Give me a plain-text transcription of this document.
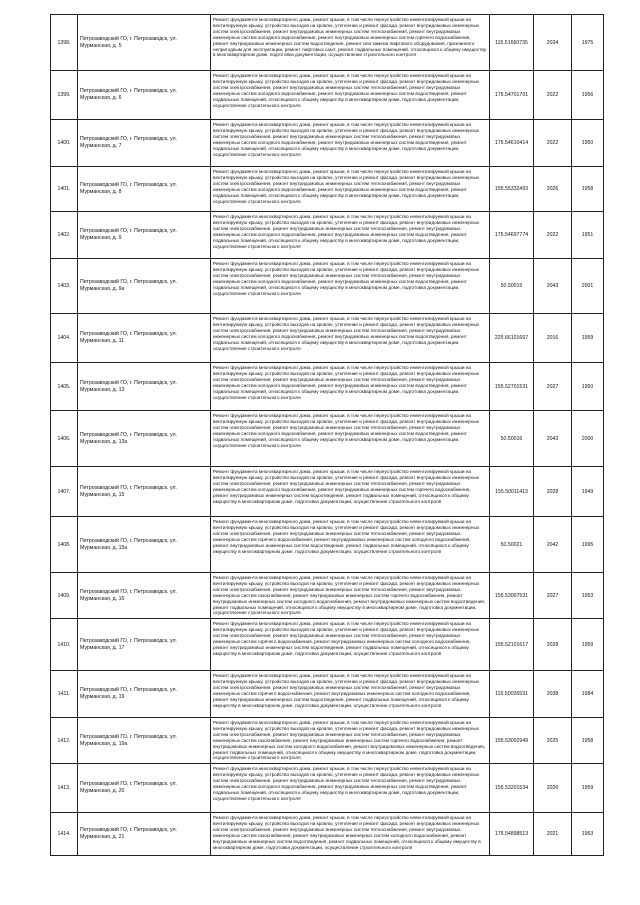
1398.	Петрозаводский ГО, г. Петрозаводск, ул. Мурманская, д. 5	Ремонт фундамента многоквартирного дома, ремонт крыши, в том числе переустройство невентилируемой крыши на вентилируемую крышу, устройство выходов на кровлю, утепление и ремонт фасада, ремонт внутридомовых инженерных систем электроснабжения, ремонт внутридомовых инженерных систем теплоснабжения, ремонт внутридомовых инженерных систем холодного водоснабжения, ремонт внутридомовых инженерных систем горячего водоснабжения, ремонт внутридомовых инженерных систем водоотведения, ремонт или замена лифтового оборудования, признанного непригодным для эксплуатации, ремонт лифтовых шахт, ремонт подвальных помещений, относящихся к общему имуществу в многоквартирном доме, подготовка документации, осуществление строительного контроля	115.51660735	2034	1975
1399.	Петрозаводский ГО, г. Петрозаводск, ул. Мурманская, д. 6	Ремонт фундамента многоквартирного дома, ремонт крыши, в том числе переустройство невентилируемой крыши на вентилируемую крышу, устройство выходов на кровлю, утепление и ремонт фасада, ремонт внутридомовых инженерных систем электроснабжения, ремонт внутридомовых инженерных систем теплоснабжения, ремонт внутридомовых инженерных систем холодного водоснабжения, ремонт внутридомовых инженерных систем водоотведения, ремонт подвальных помещений, относящихся к общему имуществу в многоквартирном доме, подготовка документации, осуществление строительного контроля	175.54701701	2022	1956
1400.	Петрозаводский ГО, г. Петрозаводск, ул. Мурманская, д. 7	Ремонт фундамента многоквартирного дома, ремонт крыши, в том числе переустройство невентилируемой крыши на вентилируемую крышу, устройство выходов на кровлю, утепление и ремонт фасада, ремонт внутридомовых инженерных систем электроснабжения, ремонт внутридомовых инженерных систем теплоснабжения, ремонт внутридомовых инженерных систем холодного водоснабжения, ремонт внутридомовых инженерных систем водоотведения, ремонт подвальных помещений, относящихся к общему имуществу в многоквартирном доме, подготовка документации, осуществление строительного контроля	175.54610414	2022	1950
1401.	Петрозаводский ГО, г. Петрозаводск, ул. Мурманская, д. 8	Ремонт фундамента многоквартирного дома, ремонт крыши, в том числе переустройство невентилируемой крыши на вентилируемую крышу, устройство выходов на кровлю, утепление и ремонт фасада, ремонт внутридомовых инженерных систем электроснабжения, ремонт внутридомовых инженерных систем теплоснабжения, ремонт внутридомовых инженерных систем холодного водоснабжения, ремонт внутридомовых инженерных систем водоотведения, ремонт подвальных помещений, относящихся к общему имуществу в многоквартирном доме, подготовка документации, осуществление строительного контроля	155.55332493	2026	1958
1402.	Петрозаводский ГО, г. Петрозаводск, ул. Мурманская, д. 9	Ремонт фундамента многоквартирного дома, ремонт крыши, в том числе переустройство невентилируемой крыши на вентилируемую крышу, устройство выходов на кровлю, утепление и ремонт фасада, ремонт внутридомовых инженерных систем электроснабжения, ремонт внутридомовых инженерных систем теплоснабжения, ремонт внутридомовых инженерных систем холодного водоснабжения, ремонт внутридомовых инженерных систем водоотведения, ремонт подвальных помещений, относящихся к общему имуществу в многоквартирном доме, подготовка документации, осуществление строительного контроля	175.54697774	2022	1951
1403.	Петрозаводский ГО, г. Петрозаводск, ул. Мурманская, д. 9а	Ремонт фундамента многоквартирного дома, ремонт крыши, в том числе переустройство невентилируемой крыши на вентилируемую крышу, устройство выходов на кровлю, утепление и ремонт фасада, ремонт внутридомовых инженерных систем электроснабжения, ремонт внутридомовых инженерных систем теплоснабжения, ремонт внутридомовых инженерных систем холодного водоснабжения, ремонт внутридомовых инженерных систем водоотведения, ремонт подвальных помещений, относящихся к общему имуществу в многоквартирном доме, подготовка документации, осуществление строительного контроля	50.50015	2043	2001
1404.	Петрозаводский ГО, г. Петрозаводск, ул. Мурманская, д. 11	Ремонт фундамента многоквартирного дома, ремонт крыши, в том числе переустройство невентилируемой крыши на вентилируемую крышу, устройство выходов на кровлю, утепление и ремонт фасада, ремонт внутридомовых инженерных систем электроснабжения, ремонт внутридомовых инженерных систем теплоснабжения, ремонт внутридомовых инженерных систем холодного водоснабжения, ремонт внутридомовых инженерных систем водоотведения, ремонт подвальных помещений, относящихся к общему имуществу в многоквартирном доме, подготовка документации, осуществление строительного контроля	225.66101667	2016	1959
1405.	Петрозаводский ГО, г. Петрозаводск, ул. Мурманская, д. 13	Ремонт фундамента многоквартирного дома, ремонт крыши, в том числе переустройство невентилируемой крыши на вентилируемую крышу, устройство выходов на кровлю, утепление и ремонт фасада, ремонт внутридомовых инженерных систем электроснабжения, ремонт внутридомовых инженерных систем теплоснабжения, ремонт внутридомовых инженерных систем холодного водоснабжения, ремонт внутридомовых инженерных систем водоотведения, ремонт подвальных помещений, относящихся к общему имуществу в многоквартирном доме, подготовка документации, осуществление строительного контроля	155.52701531	2027	1950
1406.	Петрозаводский ГО, г. Петрозаводск, ул. Мурманская, д. 13а	Ремонт фундамента многоквартирного дома, ремонт крыши, в том числе переустройство невентилируемой крыши на вентилируемую крышу, устройство выходов на кровлю, утепление и ремонт фасада, ремонт внутридомовых инженерных систем электроснабжения, ремонт внутридомовых инженерных систем теплоснабжения, ремонт внутридомовых инженерных систем холодного водоснабжения, ремонт внутридомовых инженерных систем водоотведения, ремонт подвальных помещений, относящихся к общему имуществу в многоквартирном доме, подготовка документации, осуществление строительного контроля	50.50016	2043	2000
1407.	Петрозаводский ГО, г. Петрозаводск, ул. Мурманская, д. 15	Ремонт фундамента многоквартирного дома, ремонт крыши, в том числе переустройство невентилируемой крыши на вентилируемую крышу, устройство выходов на кровлю, утепление и ремонт фасада, ремонт внутридомовых инженерных систем электроснабжения, ремонт внутридомовых инженерных систем теплоснабжения, ремонт внутридомовых инженерных систем холодного водоснабжения, ремонт внутридомовых инженерных систем горячего водоснабжения, ремонт внутридомовых инженерных систем водоотведения, ремонт подвальных помещений, относящихся к общему имуществу в многоквартирном доме, подготовка документации, осуществление строительного контроля	155.50011413	2028	1949
1408.	Петрозаводский ГО, г. Петрозаводск, ул. Мурманская, д. 15а	Ремонт фундамента многоквартирного дома, ремонт крыши, в том числе переустройство невентилируемой крыши на вентилируемую крышу, устройство выходов на кровлю, утепление и ремонт фасада, ремонт внутридомовых инженерных систем электроснабжения, ремонт внутридомовых инженерных систем теплоснабжения, ремонт внутридомовых инженерных систем горячего водоснабжения, ремонт внутридомовых инженерных систем холодного водоснабжения, ремонт внутридомовых инженерных систем водоотведения, ремонт подвальных помещений, относящихся к общему имуществу в многоквартирном доме, подготовка документации, осуществление строительного контроля	50.50021	2042	1995
1409.	Петрозаводский ГО, г. Петрозаводск, ул. Мурманская, д. 16	Ремонт фундамента многоквартирного дома, ремонт крыши, в том числе переустройство невентилируемой крыши на вентилируемую крышу, устройство выходов на кровлю, утепление и ремонт фасада, ремонт внутридомовых инженерных систем электроснабжения, ремонт внутридомовых инженерных систем теплоснабжения, ремонт внутридомовых инженерных систем газоснабжения, ремонт внутридомовых инженерных систем горячего водоснабжения, ремонт внутридомовых инженерных систем холодного водоснабжения, ремонт внутридомовых инженерных систем водоотведения, ремонт подвальных помещений, относящихся к общему имуществу в многоквартирном доме, подготовка документации, осуществление строительного контроля	155.53007531	2027	1953
1410.	Петрозаводский ГО, г. Петрозаводск, ул. Мурманская, д. 17	Ремонт фундамента многоквартирного дома, ремонт крыши, в том числе переустройство невентилируемой крыши на вентилируемую крышу, устройство выходов на кровлю, утепление и ремонт фасада, ремонт внутридомовых инженерных систем электроснабжения, ремонт внутридомовых инженерных систем теплоснабжения, ремонт внутридомовых инженерных систем горячего водоснабжения, ремонт внутридомовых инженерных систем холодного водоснабжения, ремонт внутридомовых инженерных систем водоотведения, ремонт подвальных помещений, относящихся к общему имуществу в многоквартирном доме, подготовка документации, осуществление строительного контроля	155.52101617	2028	1959
1411.	Петрозаводский ГО, г. Петрозаводск, ул. Мурманская, д. 19	Ремонт фундамента многоквартирного дома, ремонт крыши, в том числе переустройство невентилируемой крыши на вентилируемую крышу, устройство выходов на кровлю, утепление и ремонт фасада, ремонт внутридомовых инженерных систем электроснабжения, ремонт внутридомовых инженерных систем теплоснабжения, ремонт внутридомовых инженерных систем горячего водоснабжения, ремонт внутридомовых инженерных систем холодного водоснабжения, ремонт внутридомовых инженерных систем водоотведения, ремонт подвальных помещений, относящихся к общему имуществу в многоквартирном доме, подготовка документации, осуществление строительного контроля	115.50026531	2038	1984
1412.	Петрозаводский ГО, г. Петрозаводск, ул. Мурманская, д. 19а	Ремонт фундамента многоквартирного дома, ремонт крыши, в том числе переустройство невентилируемой крыши на вентилируемую крышу, устройство выходов на кровлю, утепление и ремонт фасада, ремонт внутридомовых инженерных систем электроснабжения, ремонт внутридомовых инженерных систем теплоснабжения, ремонт внутридомовых инженерных систем газоснабжения, ремонт внутридомовых инженерных систем горячего водоснабжения, ремонт внутридомовых инженерных систем холодного водоснабжения, ремонт внутридомовых инженерных систем водоотведения, ремонт подвальных помещений, относящихся к общему имуществу в многоквартирном доме, подготовка документации, осуществление строительного контроля	155.53002949	2025	1958
1413.	Петрозаводский ГО, г. Петрозаводск, ул. Мурманская, д. 20	Ремонт фундамента многоквартирного дома, ремонт крыши, в том числе переустройство невентилируемой крыши на вентилируемую крышу, устройство выходов на кровлю, утепление и ремонт фасада, ремонт внутридомовых инженерных систем электроснабжения, ремонт внутридомовых инженерных систем теплоснабжения, ремонт внутридомовых инженерных систем холодного водоснабжения, ремонт внутридомовых инженерных систем водоотведения, ремонт подвальных помещений, относящихся к общему имуществу в многоквартирном доме, подготовка документации, осуществление строительного контроля	155.53201534	2026	1959
1414.	Петрозаводский ГО, г. Петрозаводск, ул. Мурманская, д. 21	Ремонт фундамента многоквартирного дома, ремонт крыши, в том числе переустройство невентилируемой крыши на вентилируемую крышу, устройство выходов на кровлю, утепление и ремонт фасада, ремонт внутридомовых инженерных систем электроснабжения, ремонт внутридомовых инженерных систем теплоснабжения, ремонт внутридомовых инженерных систем газоснабжения, ремонт внутридомовых инженерных систем холодного водоснабжения, ремонт внутридомовых инженерных систем водоотведения, ремонт подвальных помещений, относящихся к общему имуществу в многоквартирном доме, подготовка документации, осуществление строительного контроля	175.54898513	2021	1963
